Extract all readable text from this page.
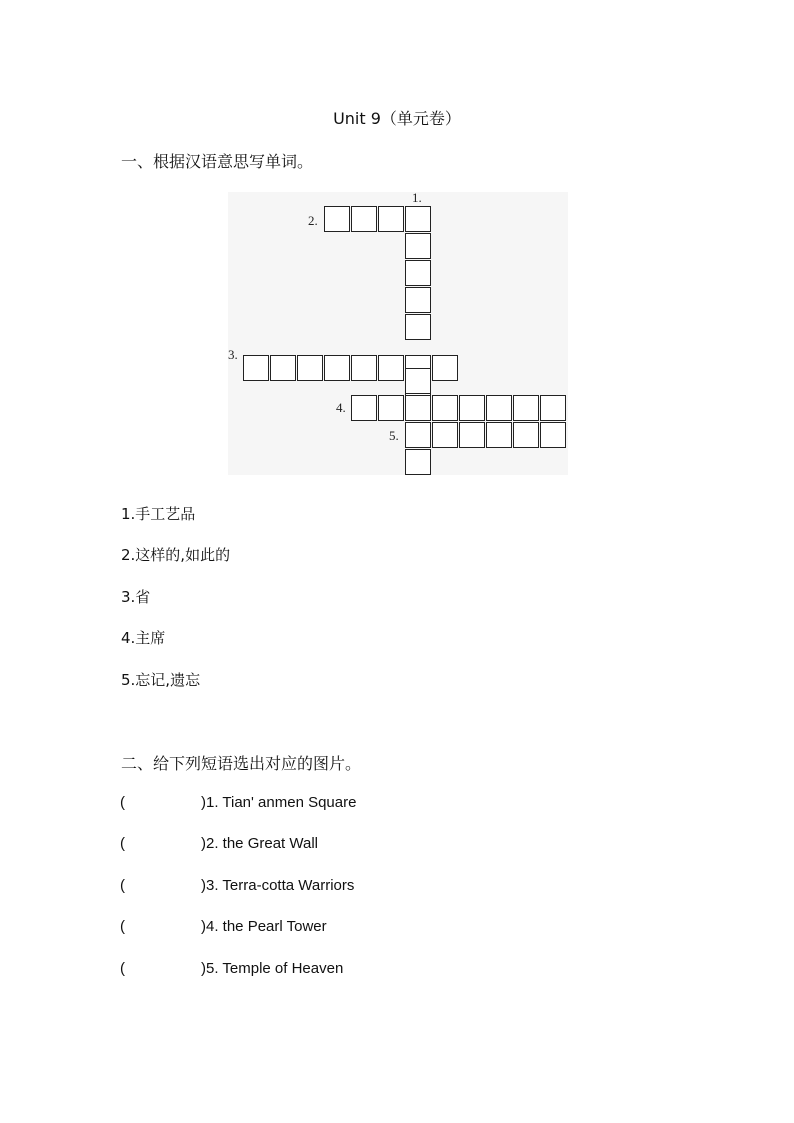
Unit 9（单元卷）
一、根据汉语意思写单词。
1.
2.
3.
4.
5.
1.手工艺品
2.这样的,如此的
3.省
4.主席
5.忘记,遗忘
二、给下列短语选出对应的图片。
(	)1. Tian' anmen Square
(	)2. the Great Wall
(	)3. Terra-cotta Warriors
(	)4. the Pearl Tower
(	)5. Temple of Heaven
